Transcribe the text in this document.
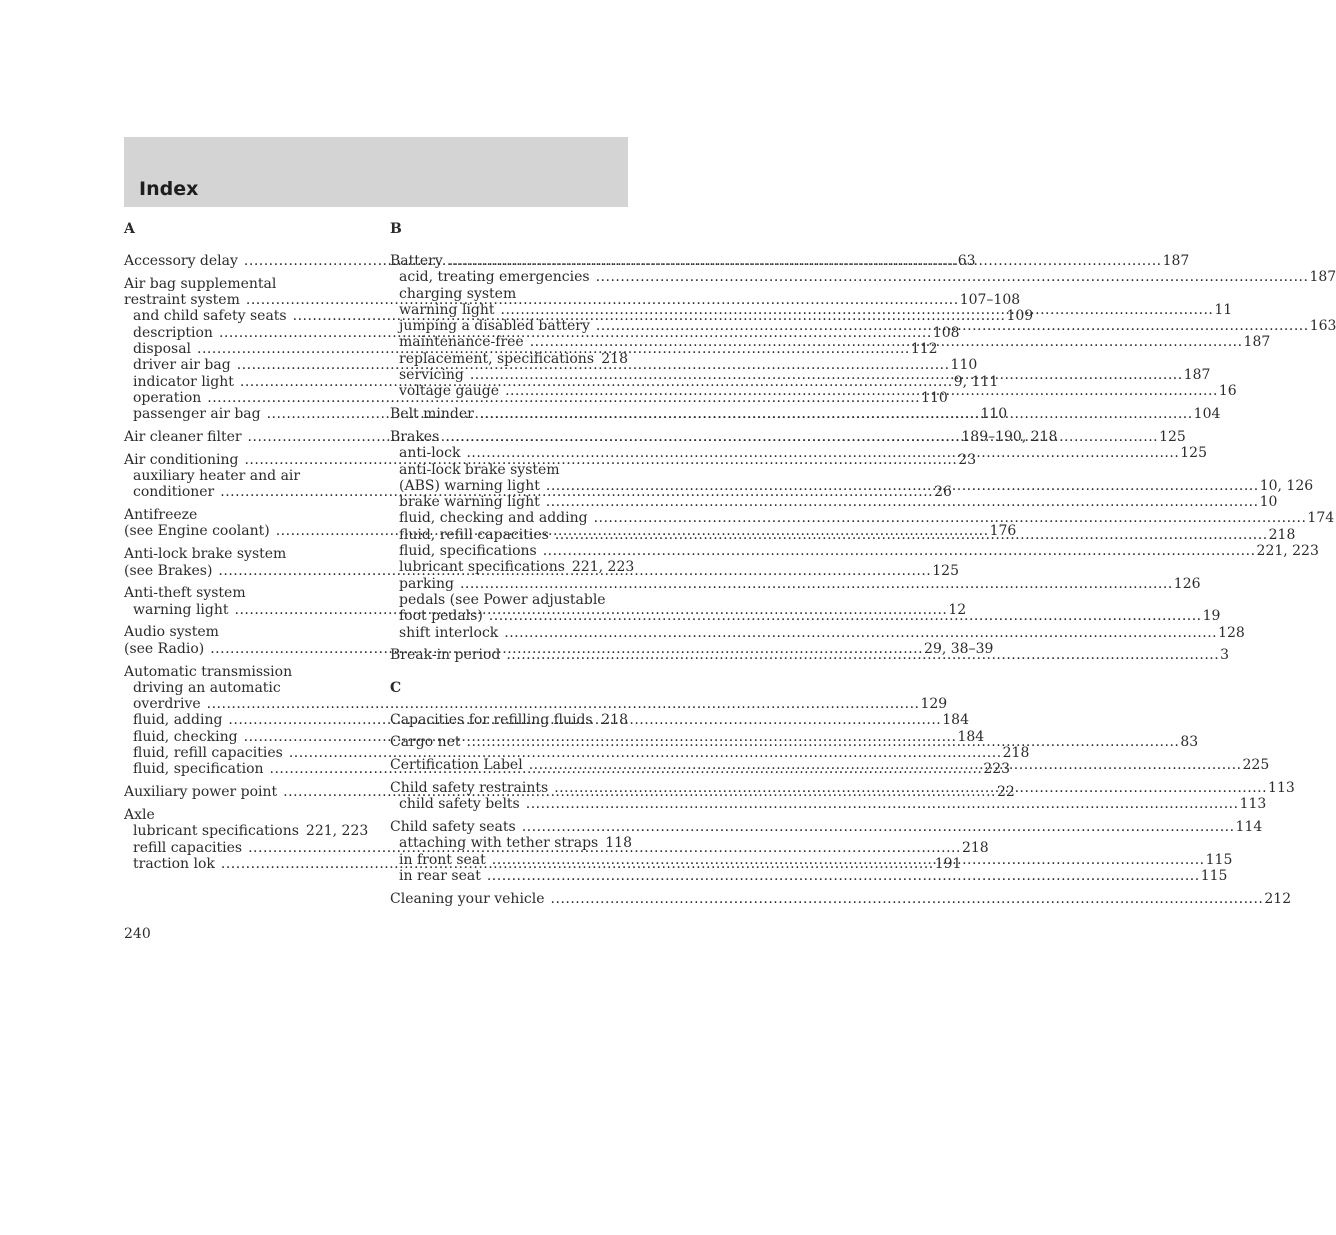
Index
A
Accessory delay .....	63
Air bag supplemental
restraint system .....	107–108
and child safety seats .....	109
description .....	108
disposal .....	112
driver air bag .....	110
indicator light .....	9, 111
operation .....	110
passenger air bag .....	110
Air cleaner filter .....	189–190, 218
Air conditioning .....	23
auxiliary heater and air
conditioner .....	26
Antifreeze
(see Engine coolant) .....	176
Anti-lock brake system
(see Brakes) .....	125
Anti-theft system
warning light .....	12
Audio system
(see Radio) .....	29, 38–39
Automatic transmission
driving an automatic
overdrive .....	129
fluid, adding .....	184
fluid, checking .....	184
fluid, refill capacities .....	218
fluid, specification .....	223
Auxiliary power point .....	22
Axle
lubricant specifications 221, 223
refill capacities .....	218
traction lok .....	191
B
Battery .....	187
acid, treating emergencies .....	187
charging system
warning light .....	11
jumping a disabled battery .....	163
maintenance-free .....	187
replacement, specifications ..... 218
servicing .....	187
voltage gauge .....	16
Belt minder .....	104
Brakes .....	125
anti-lock .....	125
anti-lock brake system
(ABS) warning light .....	10, 126
brake warning light .....	10
fluid, checking and adding .....	174
fluid, refill capacities .....	218
fluid, specifications .....	221, 223
lubricant specifications 221, 223
parking .....	126
pedals (see Power adjustable
foot pedals) .....	19
shift interlock .....	128
Break-in period .....	3
C
Capacities for refilling fluids ..... 218
Cargo net .....	83
Certification Label .....	225
Child safety restraints .....	113
child safety belts .....	113
Child safety seats .....	114
attaching with tether straps 118
in front seat .....	115
in rear seat .....	115
Cleaning your vehicle .....	212
240
